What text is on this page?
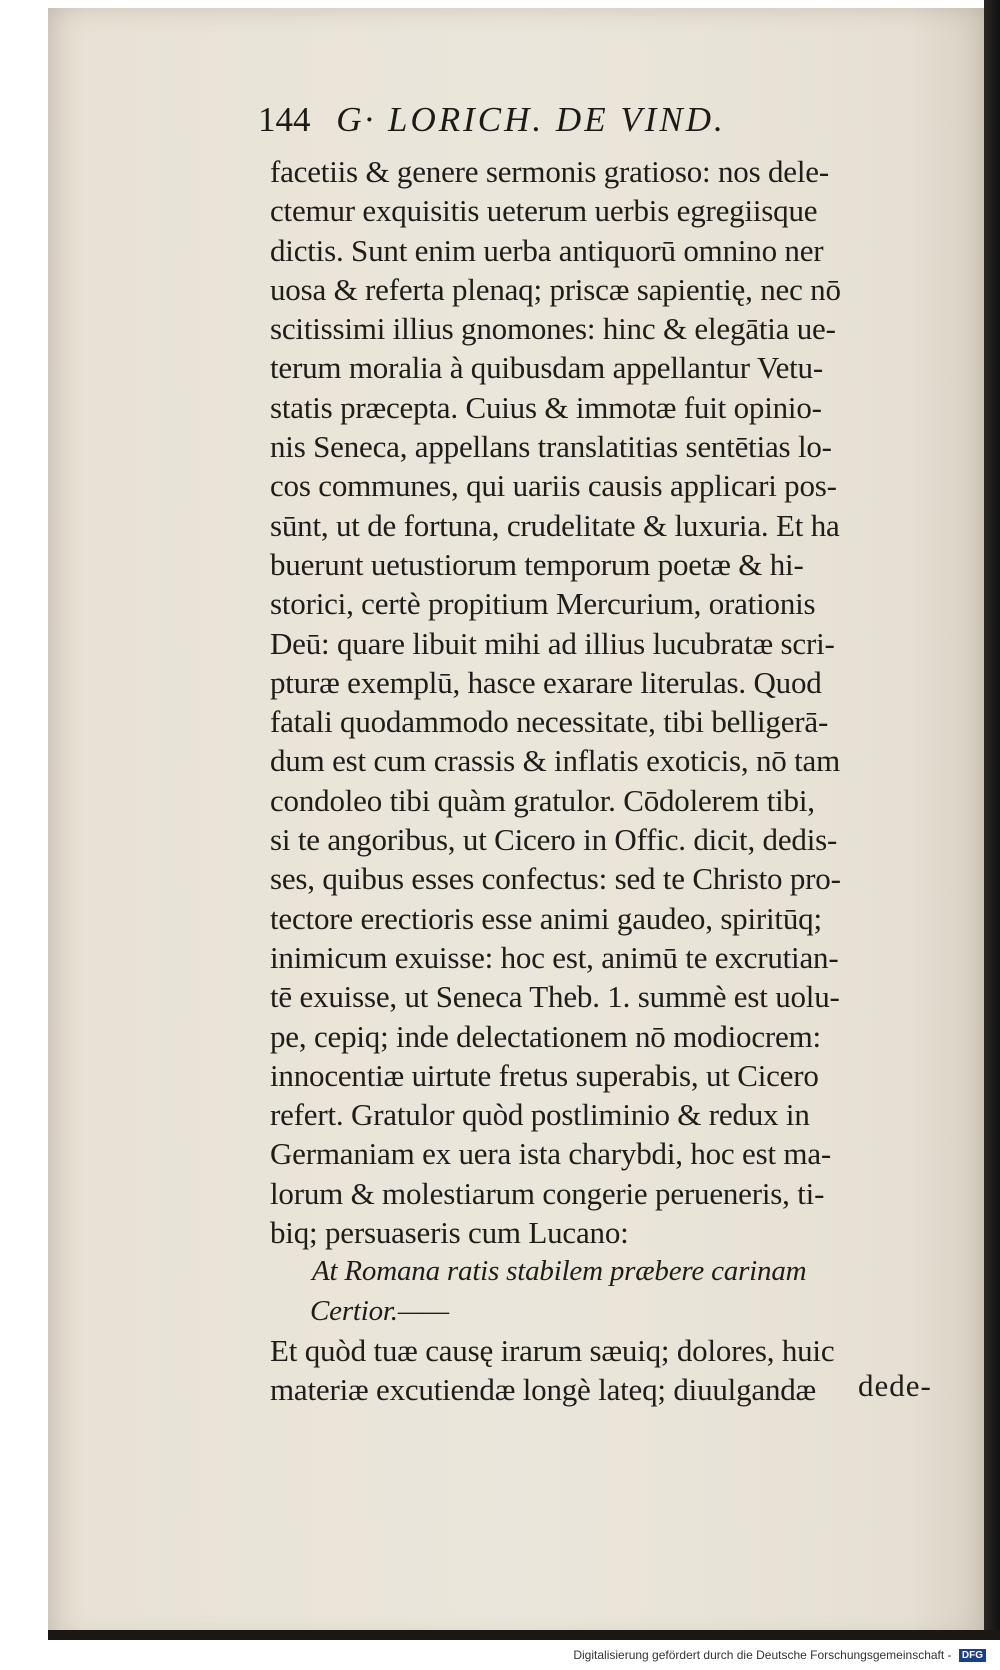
144 G· LORICH. DE VIND.
facetiis & genere sermonis gratioso: nos dele-
ctemur exquisitis ueterum uerbis egregiisque
dictis. Sunt enim uerba antiquorū omnino ner
uosa & referta plenaq; priscæ sapientię, nec nō
scitissimi illius gnomones: hinc & elegātia ue-
terum moralia à quibusdam appellantur Vetu-
statis præcepta. Cuius & immotæ fuit opinio-
nis Seneca, appellans translatitias sentētias lo-
cos communes, qui uariis causis applicari pos-
sūnt, ut de fortuna, crudelitate & luxuria. Et ha
buerunt uetustiorum temporum poetæ & hi-
storici, certè propitium Mercurium, orationis
Deū: quare libuit mihi ad illius lucubratæ scri-
pturæ exemplū, hasce exarare literulas. Quod
fatali quodammodo necessitate, tibi belligerā-
dum est cum crassis & inflatis exoticis, nō tam
condoleo tibi quàm gratulor. Cōdolerem tibi,
si te angoribus, ut Cicero in Offic. dicit, dedis-
ses, quibus esses confectus: sed te Christo pro-
tectore erectioris esse animi gaudeo, spiritūq;
inimicum exuisse: hoc est, animū te excrutian-
tē exuisse, ut Seneca Theb. 1. summè est uolu-
pe, cepiq; inde delectationem nō modiocrem:
innocentiæ uirtute fretus superabis, ut Cicero
refert. Gratulor quòd postliminio & redux in
Germaniam ex uera ista charybdi, hoc est ma-
lorum & molestiarum congerie perueneris, ti-
biq; persuaseris cum Lucano:
At Romana ratis stabilem præbere carinam
Certior.——
Et quòd tuæ causę irarum sæuiq; dolores, huic
materiæ excutiendæ longè lateq; diuulgandæ	dede-
Digitalisierung gefördert durch die Deutsche Forschungsgemeinschaft - DFG
